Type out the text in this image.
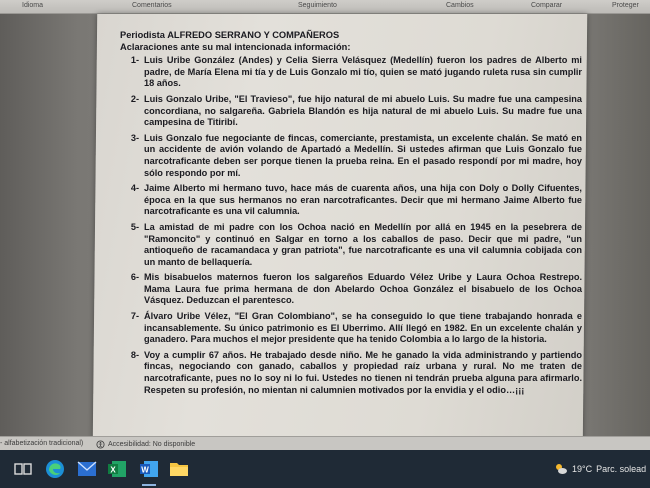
Idioma	Comentarios	Seguimiento	Cambios	Comparar	Proteger
Periodista ALFREDO SERRANO Y COMPAÑEROS
Aclaraciones ante su mal intencionada información:
1- Luis Uribe González (Andes) y Celia Sierra Velásquez (Medellín) fueron los padres de Alberto mi padre, de María Elena mi tía y de Luis Gonzalo mi tío, quien se mató jugando ruleta rusa sin cumplir 18 años.
2- Luis Gonzalo Uribe, "El Travieso", fue hijo natural de mi abuelo Luis. Su madre fue una campesina concordiana, no salgareña. Gabriela Blandón es hija natural de mi abuelo Luis. Su madre fue una campesina de Titiribí.
3- Luis Gonzalo fue negociante de fincas, comerciante, prestamista, un excelente chalán. Se mató en un accidente de avión volando de Apartadó a Medellín. Si ustedes afirman que Luis Gonzalo fue narcotraficante deben ser porque tienen la prueba reina. En el pasado respondí por mi madre, hoy sólo respondo por mí.
4- Jaime Alberto mi hermano tuvo, hace más de cuarenta años, una hija con Doly o Dolly Cifuentes, época en la que sus hermanos no eran narcotraficantes. Decir que mi hermano Jaime Alberto fue narcotraficante es una vil calumnia.
5- La amistad de mi padre con los Ochoa nació en Medellín por allá en 1945 en la pesebrera de "Ramoncito" y continuó en Salgar en torno a los caballos de paso. Decir que mi padre, "un antioqueño de racamandaca y gran patriota", fue narcotraficante es una vil calumnia cobijada con un manto de bellaquería.
6- Mis bisabuelos maternos fueron los salgareños Eduardo Vélez Uribe y Laura Ochoa Restrepo. Mama Laura fue prima hermana de don Abelardo Ochoa González el bisabuelo de los Ochoa Vásquez. Deduzcan el parentesco.
7- Álvaro Uribe Vélez, "El Gran Colombiano", se ha conseguido lo que tiene trabajando honrada e incansablemente. Su único patrimonio es El Uberrimo. Allí llegó en 1982. En un excelente chalán y ganadero. Para muchos el mejor presidente que ha tenido Colombia a lo largo de la historia.
8- Voy a cumplir 67 años. He trabajado desde niño. Me he ganado la vida administrando y partiendo fincas, negociando con ganado, caballos y propiedad raíz urbana y rural. No me traten de narcotraficante, pues no lo soy ni lo fui. Ustedes no tienen ni tendrán prueba alguna para afirmarlo. Respeten su profesión, no mientan ni calumnien motivados por la envidia y el odio…¡¡¡
- alfabetización tradicional)	Accesibilidad: No disponible
X	W	19°C Parc. solead
